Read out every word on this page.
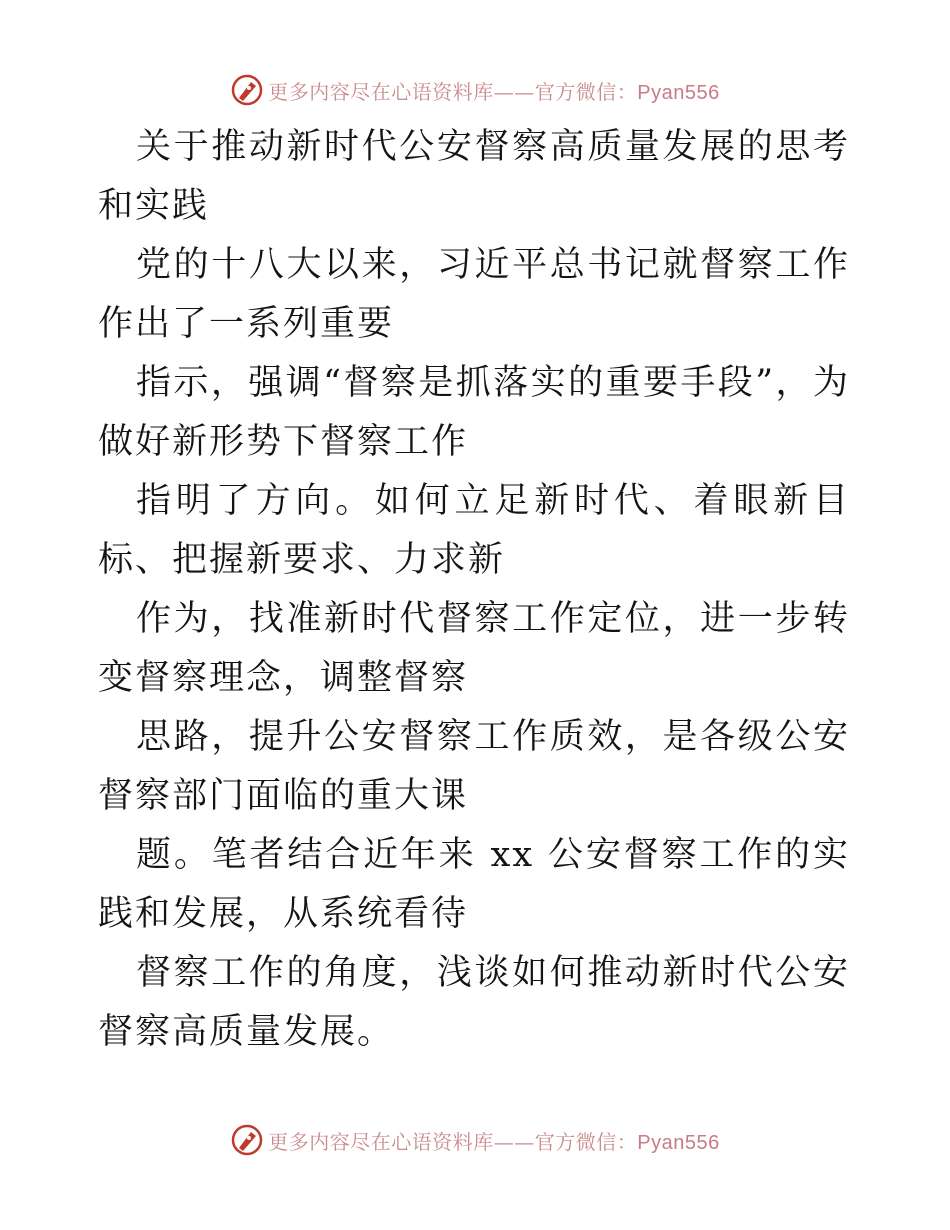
更多内容尽在心语资料库——官方微信：Pyan556

关于推动新时代公安督察高质量发展的思考和实践

党的十八大以来，习近平总书记就督察工作作出了一系列重要

指示，强调“督察是抓落实的重要手段”，为做好新形势下督察工作

指明了方向。如何立足新时代、着眼新目标、把握新要求、力求新

作为，找准新时代督察工作定位，进一步转变督察理念，调整督察

思路，提升公安督察工作质效，是各级公安督察部门面临的重大课

题。笔者结合近年来 xx 公安督察工作的实践和发展，从系统看待

督察工作的角度，浅谈如何推动新时代公安督察高质量发展。

更多内容尽在心语资料库——官方微信：Pyan556
